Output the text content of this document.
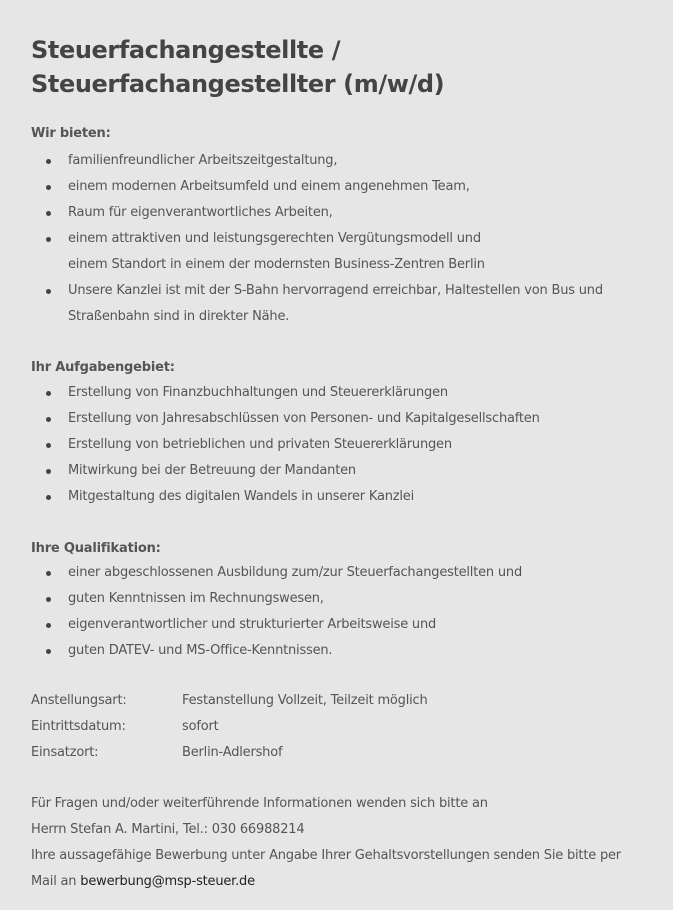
Steuerfachangestellte / Steuerfachangestellter (m/w/d)
Wir bieten:
familienfreundlicher Arbeitszeitgestaltung,
einem modernen Arbeitsumfeld und einem angenehmen Team,
Raum für eigenverantwortliches Arbeiten,
einem attraktiven und leistungsgerechten Vergütungsmodell und einem Standort in einem der modernsten Business-Zentren Berlin
Unsere Kanzlei ist mit der S-Bahn hervorragend erreichbar, Haltestellen von Bus und Straßenbahn sind in direkter Nähe.
Ihr Aufgabengebiet:
Erstellung von Finanzbuchhaltungen und Steuererklärungen
Erstellung von Jahresabschlüssen von Personen- und Kapitalgesellschaften
Erstellung von betrieblichen und privaten Steuererklärungen
Mitwirkung bei der Betreuung der Mandanten
Mitgestaltung des digitalen Wandels in unserer Kanzlei
Ihre Qualifikation:
einer abgeschlossenen Ausbildung zum/zur Steuerfachangestellten und
guten Kenntnissen im Rechnungswesen,
eigenverantwortlicher und strukturierter Arbeitsweise und
guten DATEV- und MS-Office-Kenntnissen.
Anstellungsart:	Festanstellung Vollzeit, Teilzeit möglich
Eintrittsdatum:	sofort
Einsatzort:	Berlin-Adlershof

Für Fragen und/oder weiterführende Informationen wenden sich bitte an

Herrn Stefan A. Martini, Tel.: 030 66988214

Ihre aussagefähige Bewerbung unter Angabe Ihrer Gehaltsvorstellungen senden Sie bitte per

Mail an bewerbung@msp-steuer.de
